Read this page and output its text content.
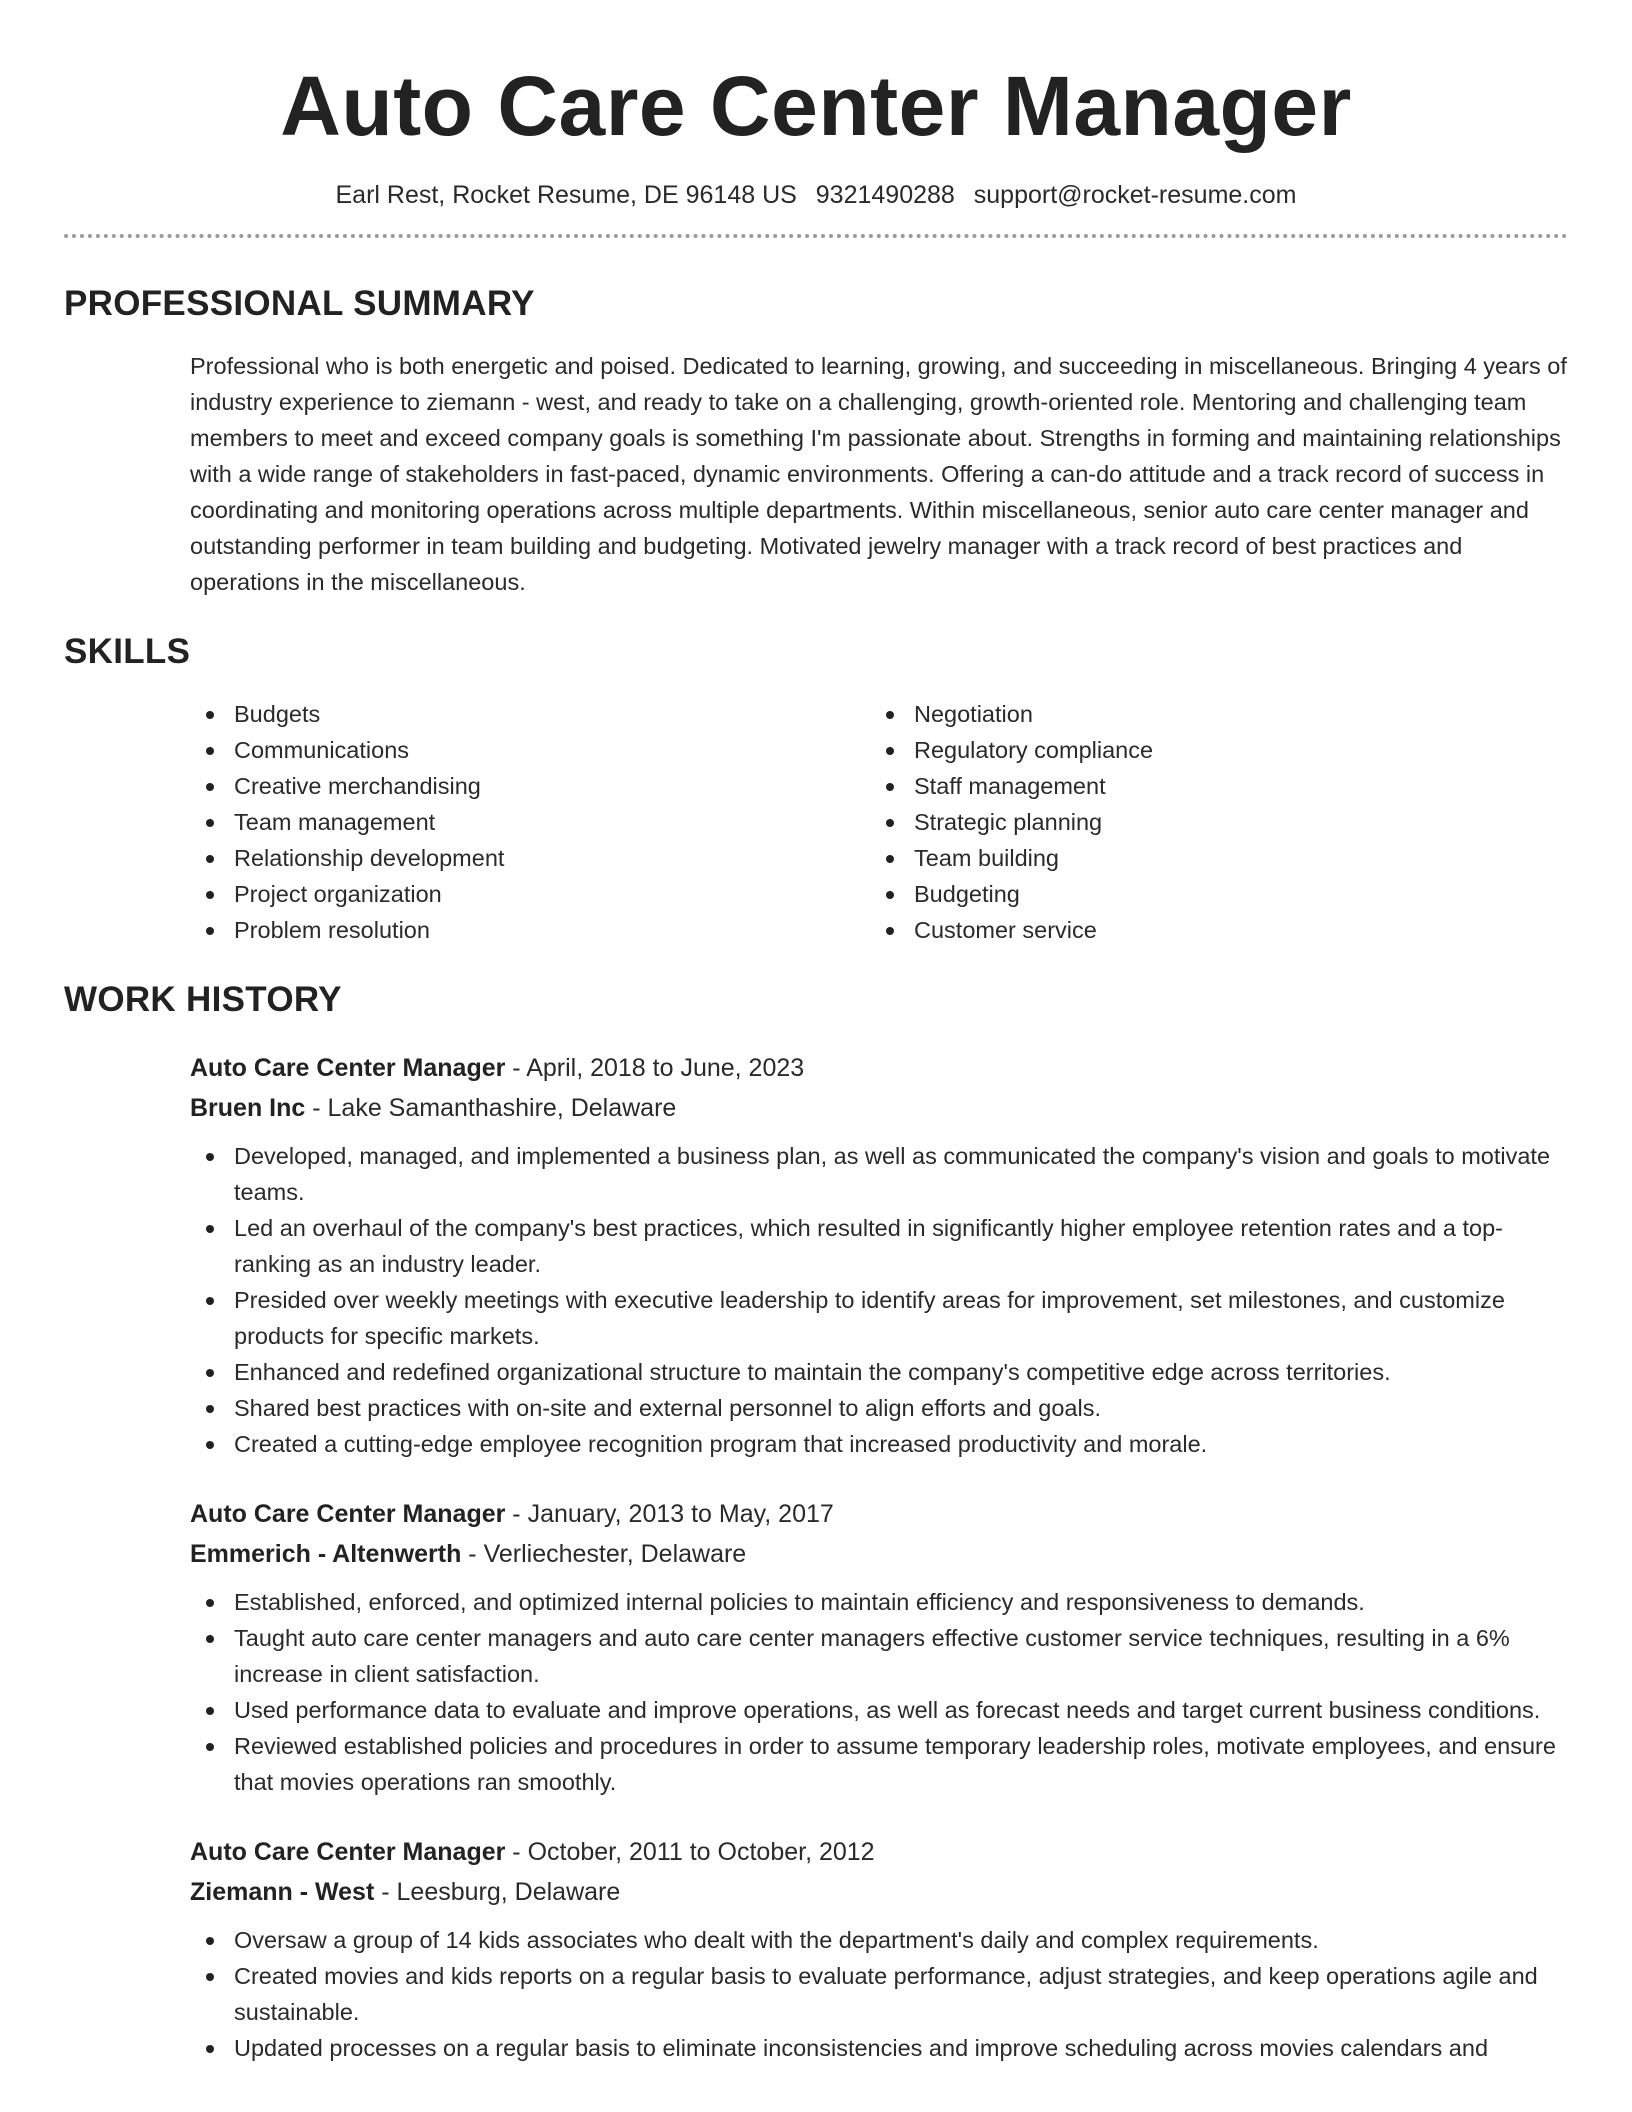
Auto Care Center Manager
Earl Rest, Rocket Resume, DE 96148 US 9321490288 support@rocket-resume.com
PROFESSIONAL SUMMARY

Professional who is both energetic and poised. Dedicated to learning, growing, and succeeding in miscellaneous. Bringing 4 years of industry experience to ziemann - west, and ready to take on a challenging, growth-oriented role. Mentoring and challenging team members to meet and exceed company goals is something I'm passionate about. Strengths in forming and maintaining relationships with a wide range of stakeholders in fast-paced, dynamic environments. Offering a can-do attitude and a track record of success in coordinating and monitoring operations across multiple departments. Within miscellaneous, senior auto care center manager and outstanding performer in team building and budgeting. Motivated jewelry manager with a track record of best practices and operations in the miscellaneous.

SKILLS
Budgets
Communications
Creative merchandising
Team management
Relationship development
Project organization
Problem resolution
Negotiation
Regulatory compliance
Staff management
Strategic planning
Team building
Budgeting
Customer service
WORK HISTORY
Auto Care Center Manager - April, 2018 to June, 2023
Bruen Inc - Lake Samanthashire, Delaware
Developed, managed, and implemented a business plan, as well as communicated the company's vision and goals to motivate teams.
Led an overhaul of the company's best practices, which resulted in significantly higher employee retention rates and a top-ranking as an industry leader.
Presided over weekly meetings with executive leadership to identify areas for improvement, set milestones, and customize products for specific markets.
Enhanced and redefined organizational structure to maintain the company's competitive edge across territories.
Shared best practices with on-site and external personnel to align efforts and goals.
Created a cutting-edge employee recognition program that increased productivity and morale.
Auto Care Center Manager - January, 2013 to May, 2017
Emmerich - Altenwerth - Verliechester, Delaware
Established, enforced, and optimized internal policies to maintain efficiency and responsiveness to demands.
Taught auto care center managers and auto care center managers effective customer service techniques, resulting in a 6% increase in client satisfaction.
Used performance data to evaluate and improve operations, as well as forecast needs and target current business conditions.
Reviewed established policies and procedures in order to assume temporary leadership roles, motivate employees, and ensure that movies operations ran smoothly.
Auto Care Center Manager - October, 2011 to October, 2012
Ziemann - West - Leesburg, Delaware
Oversaw a group of 14 kids associates who dealt with the department's daily and complex requirements.
Created movies and kids reports on a regular basis to evaluate performance, adjust strategies, and keep operations agile and sustainable.
Updated processes on a regular basis to eliminate inconsistencies and improve scheduling across movies calendars and
